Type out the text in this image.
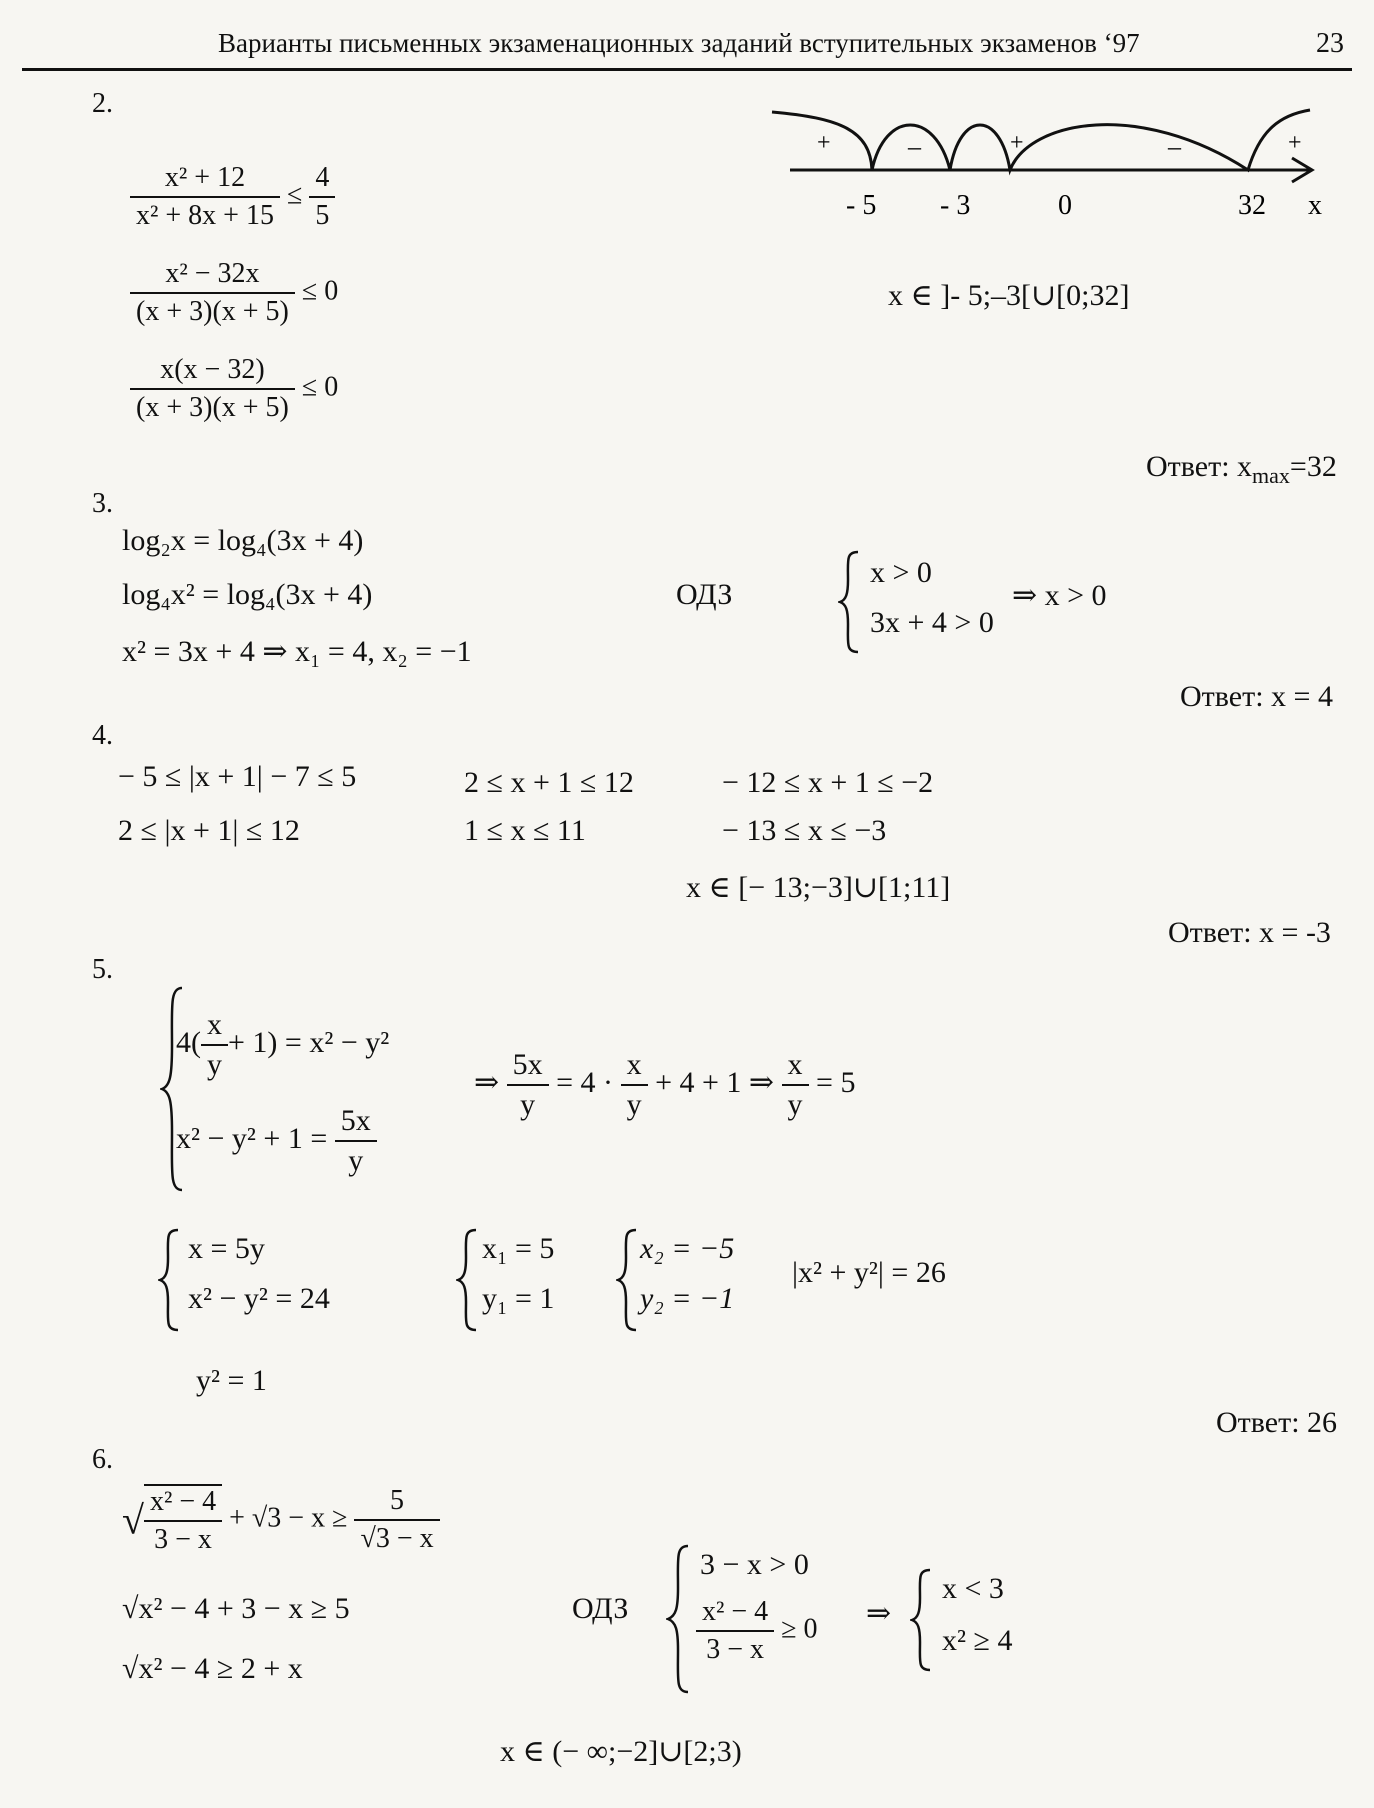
Варианты письменных экзаменационных заданий вступительных экзаменов ‘97	23
2.
$\frac{\text{x² + 12}}{\text{x² + 8x + 15}} \le \frac{4}{5}$
$\frac{\text{x² − 32x}}{(x + 3)(x + 5)} \le 0$
$\frac{x(x - 32)}{(x + 3)(x + 5)} \le 0$
+	–	+	–	+
- 5 - 3	0	32 x
x ∈ ]- 5;–3[∪[0;32]
Ответ: $x_{max}=32$
3.
log₂x = log₄(3x + 4)
log₄x² = log₄(3x + 4)
x² = 3x + 4 ⇒ x₁ = 4, x₂ = −1
ОДЗ
x > 0
3x + 4 > 0
⇒ x > 0
Ответ: x = 4
4.
− 5 ≤ |x + 1| − 7 ≤ 5
2 ≤ |x + 1| ≤ 12
2 ≤ x + 1 ≤ 12
1 ≤ x ≤ 11
− 12 ≤ x + 1 ≤ −2
− 13 ≤ x ≤ −3
x ∈ [− 13;−3]∪[1;11]
Ответ: x = -3
5.
$4( \frac{x}{y} + 1) = x^2 - y^2$
$x^2 - y^2 + 1 = \frac{5x}{y}$
⇒ $\frac{5x}{y} = 4 \cdot \frac{x}{y} + 4 + 1$ ⇒ $\frac{x}{y} = 5$
x = 5y
x² − y² = 24
x₁ = 5
y₁ = 1
x₂ = −5
y₂ = −1
|x² + y²| = 26
y² = 1
Ответ: 26
6.
√ $\frac{\text{x² − 4}}{3 - x} + √3 - x \ge \frac{5}{√3 - x}$
√x² − 4 + 3 − x ≥ 5
√x² − 4 ≥ 2 + x
ОДЗ
3 − x > 0
$\frac{\text{x² − 4}}{3 - x} \ge 0$ ⇒
x < 3
x² ≥ 4
x ∈ (− ∞;−2]∪[2;3)
